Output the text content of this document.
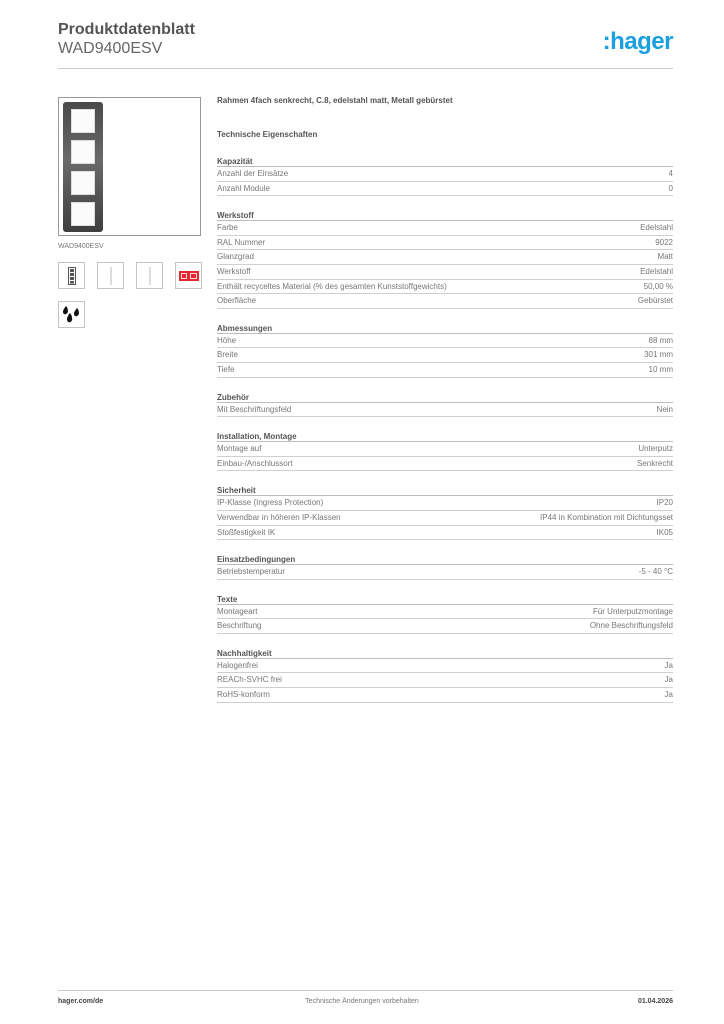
Produktdatenblatt
WAD9400ESV	:hager
WAD9400ESV
Rahmen 4fach senkrecht, C.8, edelstahl matt, Metall gebürstet
Technische Eigenschaften
Kapazität
Anzahl der Einsätze	4
Anzahl Module	0
Werkstoff
Farbe	Edelstahl
RAL Nummer	9022
Glanzgrad	Matt
Werkstoff	Edelstahl
Enthält recyceltes Material (% des gesamten Kunststoffgewichts)	50,00 %
Oberfläche	Gebürstet
Abmessungen
Höhe	88 mm
Breite	301 mm
Tiefe	10 mm
Zubehör
Mit Beschriftungsfeld	Nein
Installation, Montage
Montage auf	Unterputz
Einbau-/Anschlussort	Senkrecht
Sicherheit
IP-Klasse (Ingress Protection)	IP20
Verwendbar in höheren IP-Klassen	IP44 in Kombination mit Dichtungsset
Stoßfestigkeit IK	IK05
Einsatzbedingungen
Betriebstemperatur	-5 - 40 °C
Texte
Montageart	Für Unterputzmontage
Beschriftung	Ohne Beschriftungsfeld
Nachhaltigkeit
Halogenfrei	Ja
REACh-SVHC frei	Ja
RoHS-konform	Ja
hager.com/de	Technische Änderungen vorbehalten	01.04.2026
